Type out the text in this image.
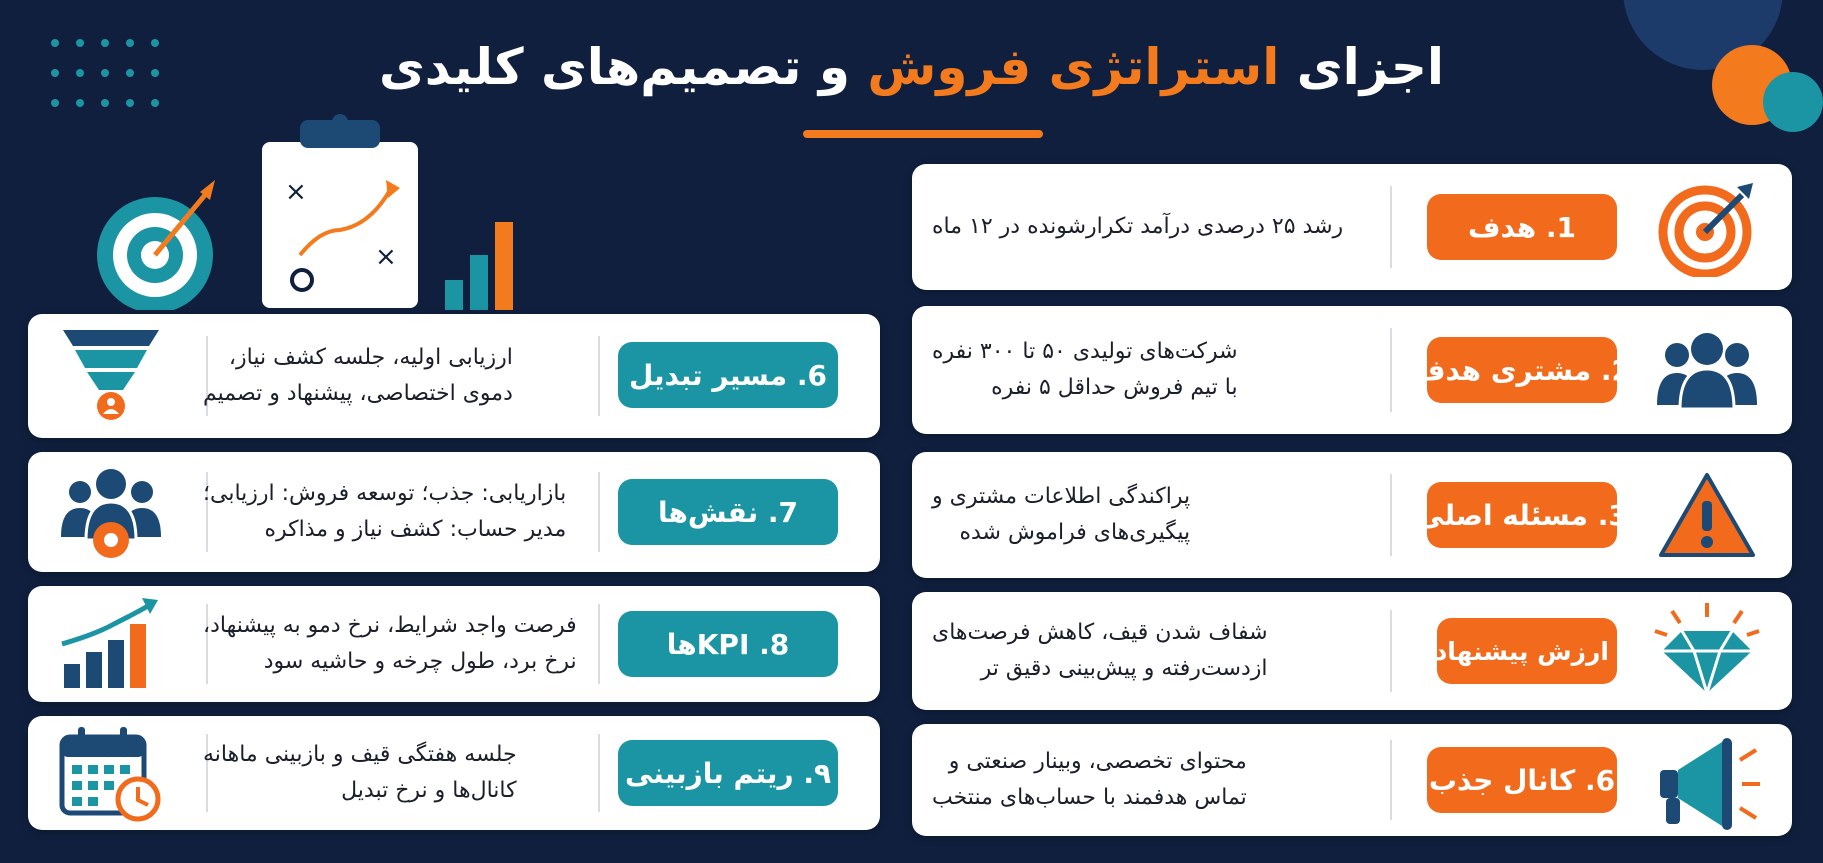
اجزای استراتژی فروش و تصمیم‌های کلیدی
×
×
1. هدف
رشد ۲۵ درصدی درآمد تکرارشونده در ۱۲ ماه
2. مشتری هدف
شرکت‌های تولیدی ۵۰ تا ۳۰۰ نفره
با تیم فروش حداقل ۵ نفره
3. مسئله اصلی
پراکندگی اطلاعات مشتری و
پیگیری‌های فراموش شده
۴. ارزش پیشنهادی
شفاف شدن قیف، کاهش فرصت‌های
ازدست‌رفته و پیش‌بینی دقیق تر
6. کانال جذب
محتوای تخصصی، وبینار صنعتی و
تماس هدفمند با حساب‌های منتخب
ارزیابی اولیه، جلسه کشف نیاز،
دموی اختصاصی، پیشنهاد و تصمیم
6. مسیر تبدیل
بازاریابی: جذب؛ توسعه فروش: ارزیابی؛
مدیر حساب: کشف نیاز و مذاکره
7. نقش‌ها
فرصت واجد شرایط، نرخ دمو به پیشنهاد،
نرخ برد، طول چرخه و حاشیه سود
8. KPIها
جلسه هفتگی قیف و بازبینی ماهانه
کانال‌ها و نرخ تبدیل
۹. ریتم بازبینی
